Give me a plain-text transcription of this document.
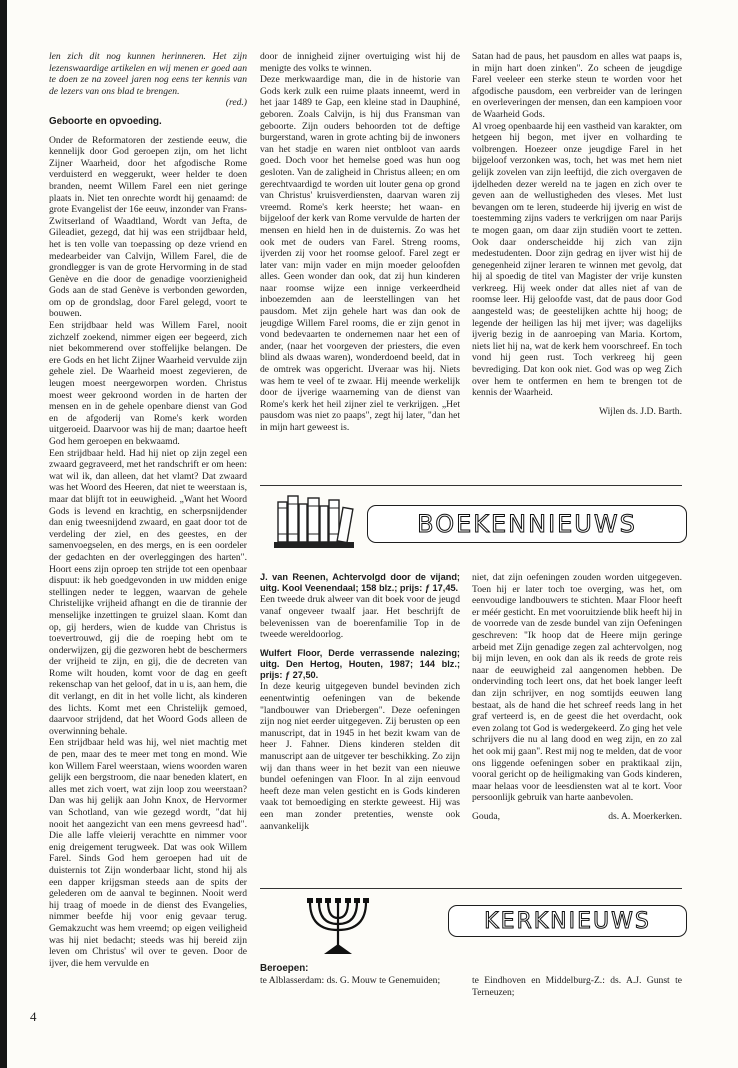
len zich dit nog kunnen herinneren. Het zijn lezenswaardige artikelen en wij menen er goed aan te doen ze na zoveel jaren nog eens ter kennis van de lezers van ons blad te brengen.

(red.)

Geboorte en opvoeding.

Onder de Reformatoren der zestiende eeuw, die kennelijk door God geroepen zijn, om het licht Zijner Waarheid, door het afgodische Rome verduisterd en weggerukt, weer helder te doen branden, neemt Willem Farel een niet geringe plaats in. Niet ten onrechte wordt hij genaamd: de grote Evangelist der 16e eeuw, inzonder van Frans-Zwitserland of Waadtland, Wordt van Jefta, de Gileadiet, gezegd, dat hij was een strijdbaar held, het is ten volle van toepassing op deze vriend en medearbeider van Calvijn, Willem Farel, die de grondlegger is van de grote Hervorming in de stad Genève en die door de genadige voorzienigheid Gods aan de stad Genève is verbonden geworden, om op de grondslag, door Farel gelegd, voort te bouwen.

Een strijdbaar held was Willem Farel, nooit zichzelf zoekend, nimmer eigen eer begeerd, zich niet bekommerend over stoffelijke belangen. De ere Gods en het licht Zijner Waarheid vervulde zijn gehele ziel. De Waarheid moest zegevieren, de leugen moest neergeworpen worden. Christus moest weer gekroond worden in de harten der mensen en in de gehele openbare dienst van God en de afgoderij van Rome's kerk worden uitgeroeid. Daarvoor was hij de man; daartoe heeft God hem geroepen en bekwaamd.

Een strijdbaar held. Had hij niet op zijn zegel een zwaard gegraveerd, met het randschrift er om heen: wat wil ik, dan alleen, dat het vlamt? Dat zwaard was het Woord des Heeren, dat niet te weerstaan is, maar dat blijft tot in eeuwigheid. „Want het Woord Gods is levend en krachtig, en scherpsnijdender dan enig tweesnijdend zwaard, en gaat door tot de verdeling der ziel, en des geestes, en der samenvoegselen, en des mergs, en is een oordeler der gedachten en der overleggingen des harten". Hoort eens zijn oproep ten strijde tot een openbaar dispuut: ik heb goedgevonden in uw midden enige stellingen neder te leggen, waarvan de gehele Christelijke vrijheid afhangt en die de tirannie der menselijke inzettingen te gruizel slaan. Komt dan op, gij herders, wien de kudde van Christus is toevertrouwd, gij die de roeping hebt om te onderwijzen, gij die gezworen hebt de beschermers der vrijheid te zijn, en gij, die de decreten van Rome wilt houden, komt voor de dag en geeft rekenschap van het geloof, dat in u is, aan hem, die dit verlangt, en dit in het volle licht, als kinderen des lichts. Komt met een Christelijk gemoed, daarvoor strijdend, dat het Woord Gods alleen de overwinning behale.

Een strijdbaar held was hij, wel niet machtig met de pen, maar des te meer met tong en mond. Wie kon Willem Farel weerstaan, wiens woorden waren gelijk een bergstroom, die naar beneden klatert, en alles met zich voert, wat zijn loop zou weerstaan? Dan was hij gelijk aan John Knox, de Hervormer van Schotland, van wie gezegd wordt, "dat hij nooit het aangezicht van een mens gevreesd had". Die alle laffe vleierij verachtte en nimmer voor enig dreigement terugweek. Dat was ook Willem Farel. Sinds God hem geroepen had uit de duisternis tot Zijn wonderbaar licht, stond hij als een dapper krijgsman steeds aan de spits der gelederen om de aanval te beginnen. Nooit werd hij traag of moede in de dienst des Evangelies, nimmer beefde hij voor enig gevaar terug. Gemakzucht was hem vreemd; op eigen veiligheid was hij niet bedacht; steeds was hij bereid zijn leven om Christus' wil over te geven. Door de ijver, die hem vervulde en

door de innigheid zijner overtuiging wist hij de menigte des volks te winnen.

Deze merkwaardige man, die in de historie van Gods kerk zulk een ruime plaats inneemt, werd in het jaar 1489 te Gap, een kleine stad in Dauphiné, geboren. Zoals Calvijn, is hij dus Fransman van geboorte. Zijn ouders behoorden tot de deftige burgerstand, waren in grote achting bij de inwoners van het stadje en waren niet ontbloot van aards goed. Doch voor het hemelse goed was hun oog gesloten. Van de zaligheid in Christus alleen; en om gerechtvaardigd te worden uit louter gena op grond van Christus' kruisverdiensten, daarvan waren zij vreemd. Rome's kerk heerste; het waan- en bijgeloof der kerk van Rome vervulde de harten der mensen en hield hen in de duisternis. Zo was het ook met de ouders van Farel. Streng rooms, ijverden zij voor het roomse geloof. Farel zegt er later van: mijn vader en mijn moeder geloofden alles. Geen wonder dan ook, dat zij hun kinderen naar roomse wijze een innige verkeerdheid inboezemden aan de leerstellingen van het pausdom. Met zijn gehele hart was dan ook de jeugdige Willem Farel rooms, die er zijn genot in vond bedevaarten te ondernemen naar het een of ander, (naar het voorgeven der priesters, die even blind als dwaas waren), wonderdoend beeld, dat in de omtrek was opgericht. IJveraar was hij. Niets was hem te veel of te zwaar. Hij meende werkelijk door de ijverige waarneming van de dienst van Rome's kerk het heil zijner ziel te verkrijgen. „Het pausdom was niet zo paaps", zegt hij later, "dan het in mijn hart geweest is.

Satan had de paus, het pausdom en alles wat paaps is, in mijn hart doen zinken". Zo scheen de jeugdige Farel veeleer een sterke steun te worden voor het afgodische pausdom, een verbreider van de leringen en overleveringen der mensen, dan een kampioen voor de Waarheid Gods.

Al vroeg openbaarde hij een vastheid van karakter, om hetgeen hij begon, met ijver en volharding te volbrengen. Hoezeer onze jeugdige Farel in het bijgeloof verzonken was, toch, het was met hem niet gelijk zovelen van zijn leeftijd, die zich overgaven de ijdelheden dezer wereld na te jagen en zich over te geven aan de wellustigheden des vleses. Met lust bevangen om te leren, studeerde hij ijverig en wist de toestemming zijns vaders te verkrijgen om naar Parijs te mogen gaan, om daar zijn studiën voort te zetten. Ook daar onderscheidde hij zich van zijn medestudenten. Door zijn gedrag en ijver wist hij de genegenheid zijner leraren te winnen met gevolg, dat hij al spoedig de titel van Magister der vrije kunsten verkreeg. Hij week onder dat alles niet af van de roomse leer. Hij geloofde vast, dat de paus door God aangesteld was; de geestelijken achtte hij hoog; de legende der heiligen las hij met ijver; was dagelijks ijverig bezig in de aanroeping van Maria. Kortom, niets liet hij na, wat de kerk hem voorschreef. En toch vond hij geen rust. Toch verkreeg hij geen bevrediging. Dat kon ook niet. God was op weg Zich over hem te ontfermen en hem te brengen tot de kennis der Waarheid.

Wijlen ds. J.D. Barth.

BOEKENNIEUWS

J. van Reenen, Achtervolgd door de vijand; uitg. Kool Veenendaal; 158 blz.; prijs: ƒ 17,45.

Een tweede druk alweer van dit boek voor de jeugd vanaf ongeveer twaalf jaar. Het beschrijft de belevenissen van de boerenfamilie Top in de tweede wereldoorlog.

Wulfert Floor, Derde verrassende nalezing; uitg. Den Hertog, Houten, 1987; 144 blz.; prijs: ƒ 27,50.

In deze keurig uitgegeven bundel bevinden zich eenentwintig oefeningen van de bekende "landbouwer van Driebergen". Deze oefeningen zijn nog niet eerder uitgegeven. Zij berusten op een manuscript, dat in 1945 in het bezit kwam van de heer J. Fahner. Diens kinderen stelden dit manuscript aan de uitgever ter beschikking. Zo zijn wij dan thans weer in het bezit van een nieuwe bundel oefeningen van Floor. In al zijn eenvoud heeft deze man velen gesticht en is Gods kinderen vaak tot bemoediging en sterkte geweest. Hij was een man zonder pretenties, wenste ook aanvankelijk

niet, dat zijn oefeningen zouden worden uitgegeven. Toen hij er later toch toe overging, was het, om eenvoudige landbouwers te stichten. Maar Floor heeft er méér gesticht. En met vooruitziende blik heeft hij in de voorrede van de zesde bundel van zijn Oefeningen geschreven: "Ik hoop dat de Heere mijn geringe arbeid met Zijn genadige zegen zal achtervolgen, nog bij mijn leven, en ook dan als ik reeds de grote reis naar de eeuwigheid zal aangenomen hebben. De ondervinding toch leert ons, dat het boek langer leeft dan zijn schrijver, en nog somtijds eeuwen lang bestaat, als de hand die het schreef reeds lang in het graf verteerd is, en de geest die het overdacht, ook even zolang tot God is wedergekeerd. Zo ging het vele schrijvers die nu al lang dood en weg zijn, en zo zal het ook mij gaan". Rest mij nog te melden, dat de voor ons liggende oefeningen sober en praktikaal zijn, vooral gericht op de heiligmaking van Gods kinderen, maar helaas voor de leesdiensten wat al te kort. Voor persoonlijk gebruik van harte aanbevolen.

Gouda,	ds. A. Moerkerken.
KERKNIEUWS
Beroepen:

te Alblasserdam: ds. G. Mouw te Genemuiden;	te Eindhoven en Middelburg-Z.: ds. A.J. Gunst te Terneuzen;

4
